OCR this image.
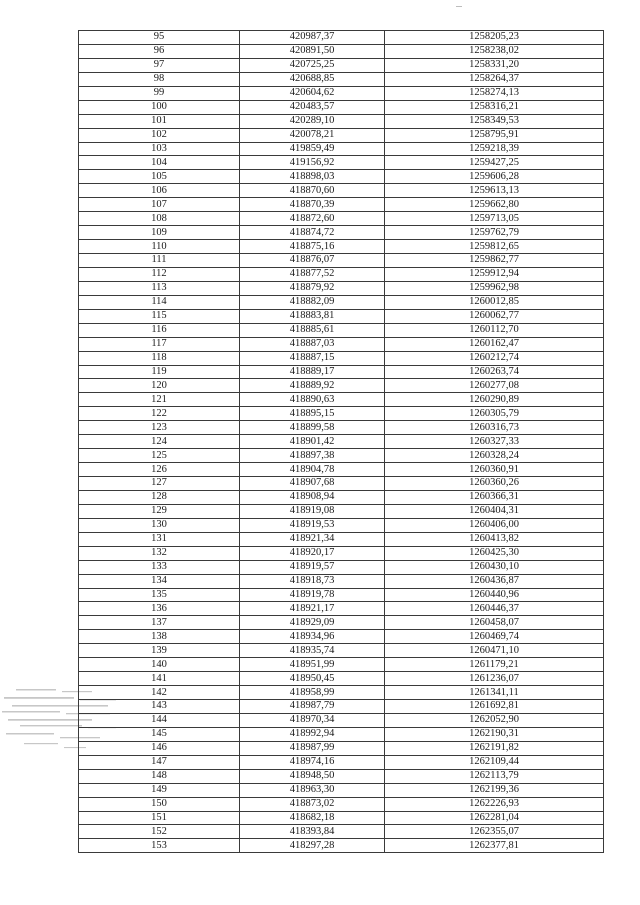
95	420987,37	1258205,23
96	420891,50	1258238,02
97	420725,25	1258331,20
98	420688,85	1258264,37
99	420604,62	1258274,13
100	420483,57	1258316,21
101	420289,10	1258349,53
102	420078,21	1258795,91
103	419859,49	1259218,39
104	419156,92	1259427,25
105	418898,03	1259606,28
106	418870,60	1259613,13
107	418870,39	1259662,80
108	418872,60	1259713,05
109	418874,72	1259762,79
110	418875,16	1259812,65
111	418876,07	1259862,77
112	418877,52	1259912,94
113	418879,92	1259962,98
114	418882,09	1260012,85
115	418883,81	1260062,77
116	418885,61	1260112,70
117	418887,03	1260162,47
118	418887,15	1260212,74
119	418889,17	1260263,74
120	418889,92	1260277,08
121	418890,63	1260290,89
122	418895,15	1260305,79
123	418899,58	1260316,73
124	418901,42	1260327,33
125	418897,38	1260328,24
126	418904,78	1260360,91
127	418907,68	1260360,26
128	418908,94	1260366,31
129	418919,08	1260404,31
130	418919,53	1260406,00
131	418921,34	1260413,82
132	418920,17	1260425,30
133	418919,57	1260430,10
134	418918,73	1260436,87
135	418919,78	1260440,96
136	418921,17	1260446,37
137	418929,09	1260458,07
138	418934,96	1260469,74
139	418935,74	1260471,10
140	418951,99	1261179,21
141	418950,45	1261236,07
142	418958,99	1261341,11
143	418987,79	1261692,81
144	418970,34	1262052,90
145	418992,94	1262190,31
146	418987,99	1262191,82
147	418974,16	1262109,44
148	418948,50	1262113,79
149	418963,30	1262199,36
150	418873,02	1262226,93
151	418682,18	1262281,04
152	418393,84	1262355,07
153	418297,28	1262377,81
